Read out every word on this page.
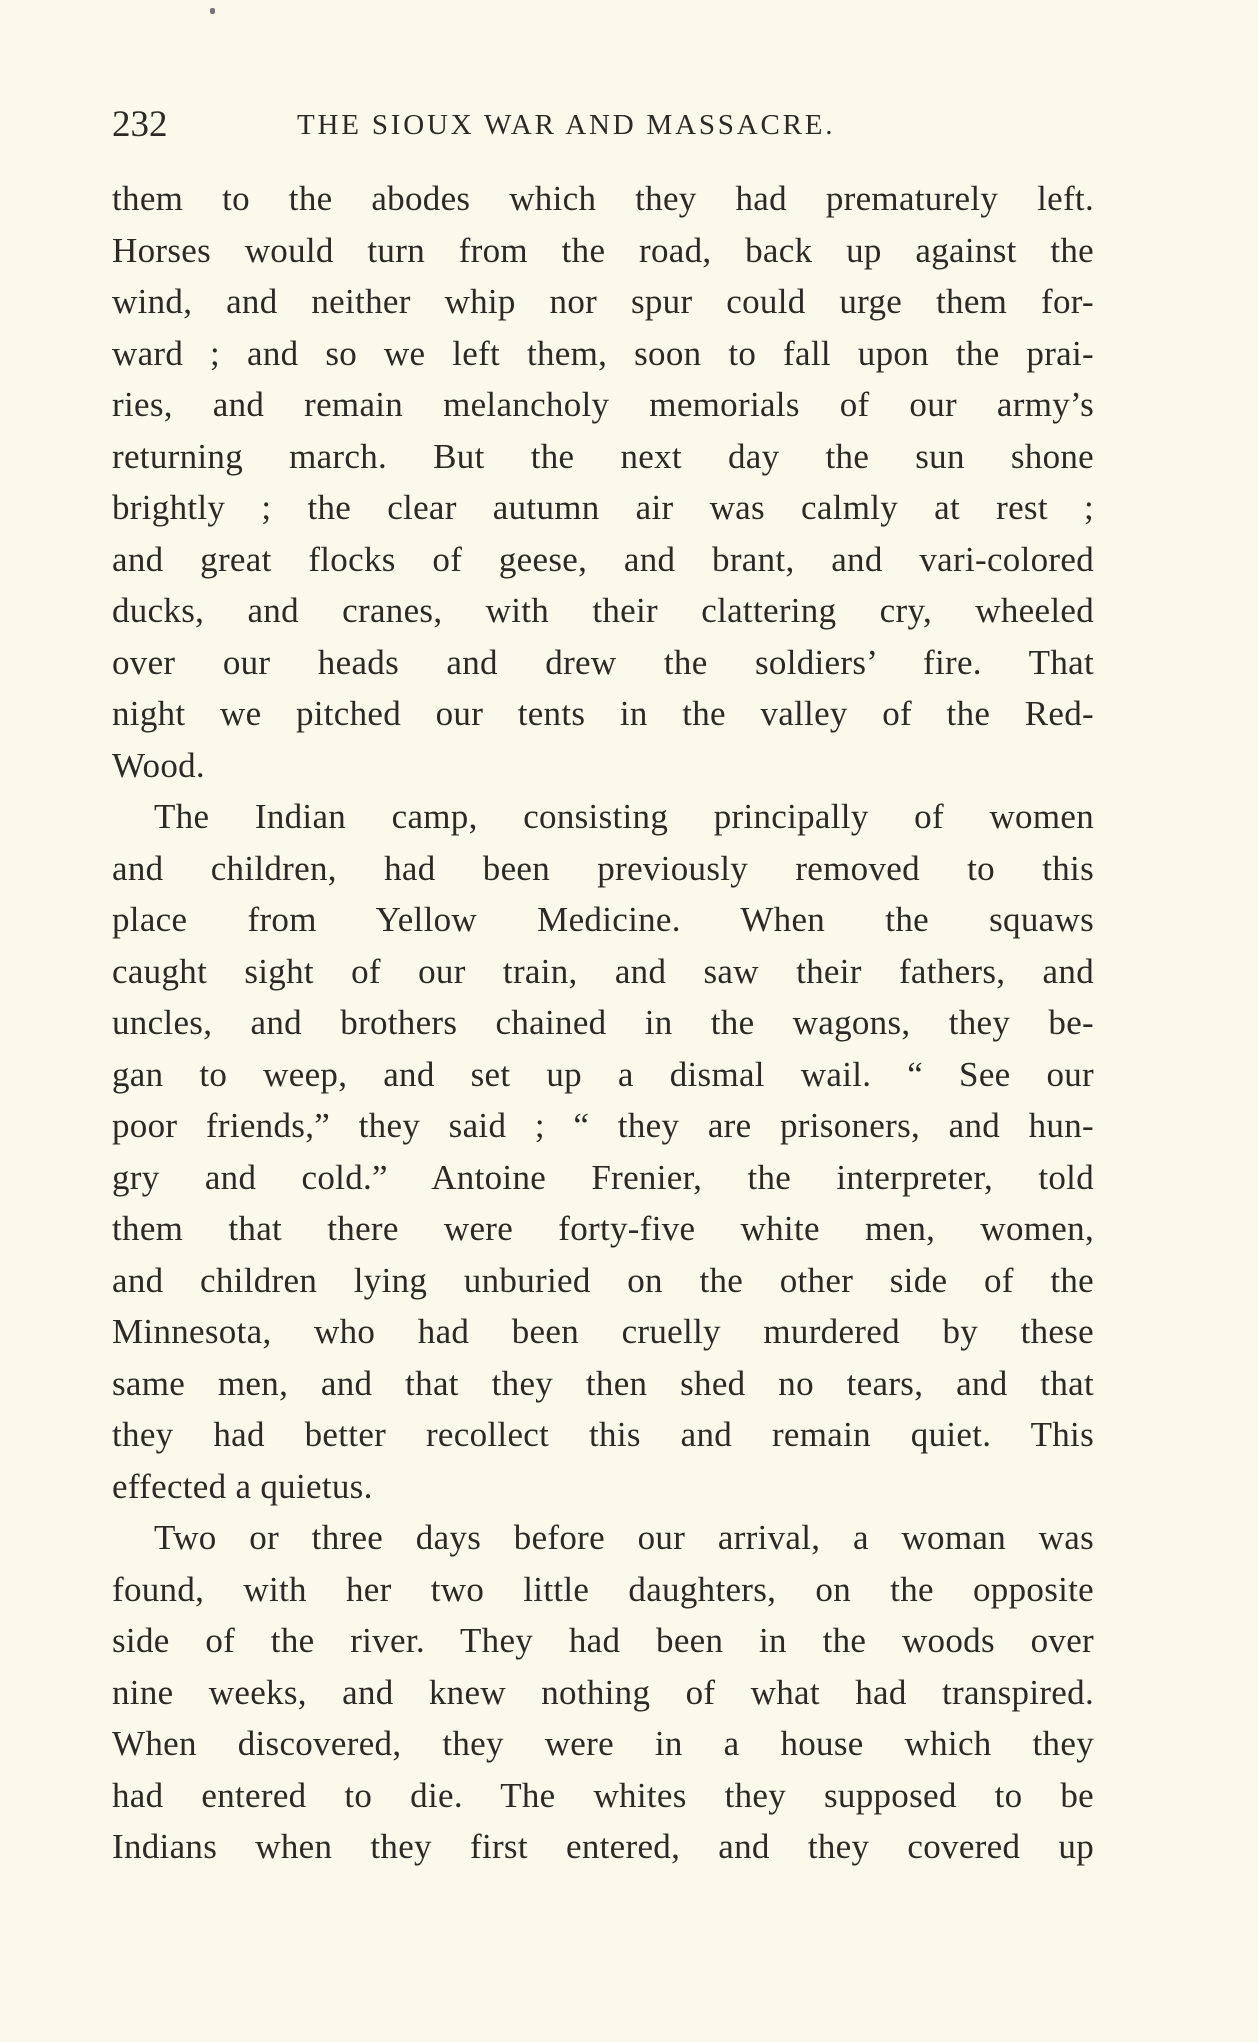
232	THE SIOUX WAR AND MASSACRE.
them to the abodes which they had prematurely left.
Horses would turn from the road, back up against the
wind, and neither whip nor spur could urge them for-
ward ; and so we left them, soon to fall upon the prai-
ries, and remain melancholy memorials of our army’s
returning march. But the next day the sun shone
brightly ; the clear autumn air was calmly at rest ;
and great flocks of geese, and brant, and vari-colored
ducks, and cranes, with their clattering cry, wheeled
over our heads and drew the soldiers’ fire. That
night we pitched our tents in the valley of the Red-
Wood.
The Indian camp, consisting principally of women
and children, had been previously removed to this
place from Yellow Medicine. When the squaws
caught sight of our train, and saw their fathers, and
uncles, and brothers chained in the wagons, they be-
gan to weep, and set up a dismal wail. “ See our
poor friends,” they said ; “ they are prisoners, and hun-
gry and cold.” Antoine Frenier, the interpreter, told
them that there were forty-five white men, women,
and children lying unburied on the other side of the
Minnesota, who had been cruelly murdered by these
same men, and that they then shed no tears, and that
they had better recollect this and remain quiet. This
effected a quietus.
Two or three days before our arrival, a woman was
found, with her two little daughters, on the opposite
side of the river. They had been in the woods over
nine weeks, and knew nothing of what had transpired.
When discovered, they were in a house which they
had entered to die. The whites they supposed to be
Indians when they first entered, and they covered up
